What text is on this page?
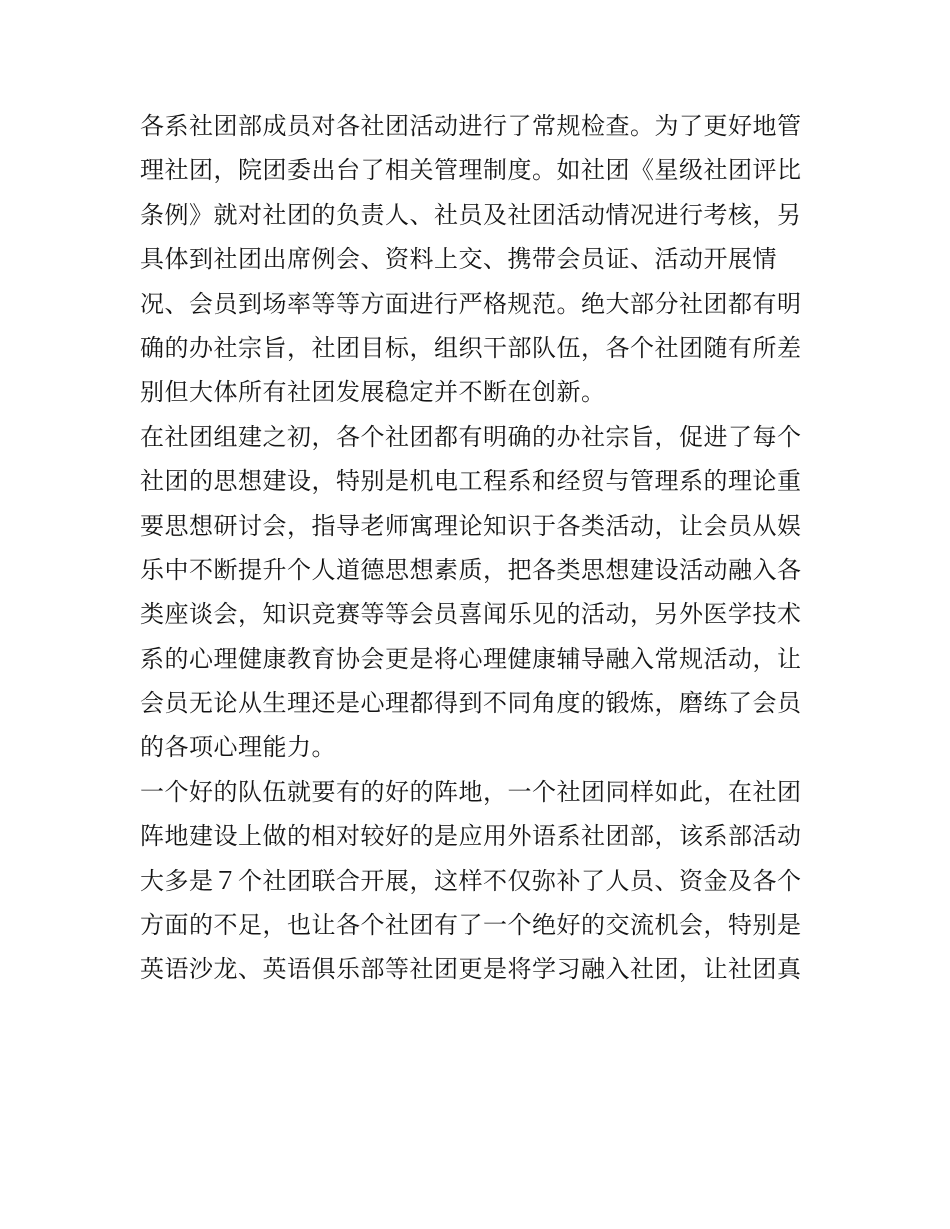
各系社团部成员对各社团活动进行了常规检查。为了更好地管
理社团，院团委出台了相关管理制度。如社团《星级社团评比
条例》就对社团的负责人、社员及社团活动情况进行考核，另
具体到社团出席例会、资料上交、携带会员证、活动开展情
况、会员到场率等等方面进行严格规范。绝大部分社团都有明
确的办社宗旨，社团目标，组织干部队伍，各个社团随有所差
别但大体所有社团发展稳定并不断在创新。
在社团组建之初，各个社团都有明确的办社宗旨，促进了每个
社团的思想建设，特别是机电工程系和经贸与管理系的理论重
要思想研讨会，指导老师寓理论知识于各类活动，让会员从娱
乐中不断提升个人道德思想素质，把各类思想建设活动融入各
类座谈会，知识竞赛等等会员喜闻乐见的活动，另外医学技术
系的心理健康教育协会更是将心理健康辅导融入常规活动，让
会员无论从生理还是心理都得到不同角度的锻炼，磨练了会员
的各项心理能力。
一个好的队伍就要有的好的阵地，一个社团同样如此，在社团
阵地建设上做的相对较好的是应用外语系社团部，该系部活动
大多是７个社团联合开展，这样不仅弥补了人员、资金及各个
方面的不足，也让各个社团有了一个绝好的交流机会，特别是
英语沙龙、英语俱乐部等社团更是将学习融入社团，让社团真
